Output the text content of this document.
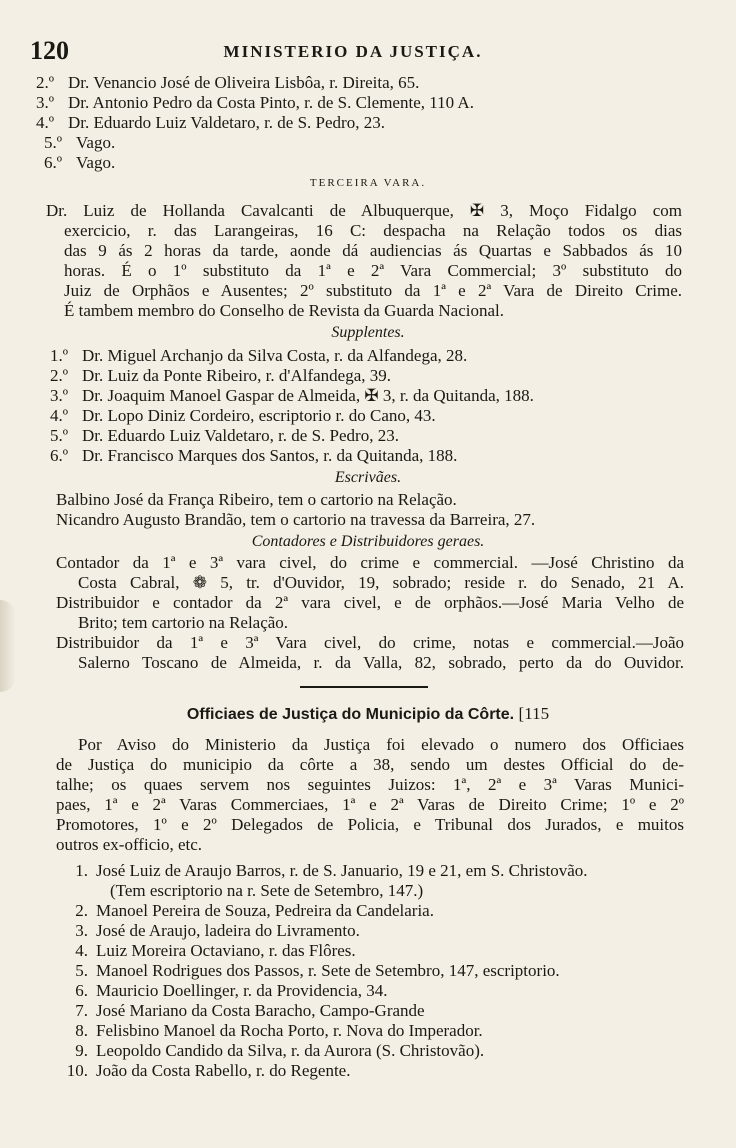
120	MINISTERIO DA JUSTIÇA.
2.º Dr. Venancio José de Oliveira Lisbôa, r. Direita, 65.
3.º Dr. Antonio Pedro da Costa Pinto, r. de S. Clemente, 110 A.
4.º Dr. Eduardo Luiz Valdetaro, r. de S. Pedro, 23.
5.º Vago.
6.º Vago.
TERCEIRA VARA.
Dr. Luiz de Hollanda Cavalcanti de Albuquerque, ✠ 3, Moço Fidalgo com
exercicio, r. das Larangeiras, 16 C: despacha na Relação todos os dias
das 9 ás 2 horas da tarde, aonde dá audiencias ás Quartas e Sabbados ás 10
horas. É o 1º substituto da 1ª e 2ª Vara Commercial; 3º substituto do
Juiz de Orphãos e Ausentes; 2º substituto da 1ª e 2ª Vara de Direito Crime.
É tambem membro do Conselho de Revista da Guarda Nacional.
Supplentes.
1.º Dr. Miguel Archanjo da Silva Costa, r. da Alfandega, 28.
2.º Dr. Luiz da Ponte Ribeiro, r. d'Alfandega, 39.
3.º Dr. Joaquim Manoel Gaspar de Almeida, ✠ 3, r. da Quitanda, 188.
4.º Dr. Lopo Diniz Cordeiro, escriptorio r. do Cano, 43.
5.º Dr. Eduardo Luiz Valdetaro, r. de S. Pedro, 23.
6.º Dr. Francisco Marques dos Santos, r. da Quitanda, 188.
Escrivães.
Balbino José da França Ribeiro, tem o cartorio na Relação.
Nicandro Augusto Brandão, tem o cartorio na travessa da Barreira, 27.
Contadores e Distribuidores geraes.
Contador da 1ª e 3ª vara civel, do crime e commercial. —José Christino da
Costa Cabral, ❁ 5, tr. d'Ouvidor, 19, sobrado; reside r. do Senado, 21 A.
Distribuidor e contador da 2ª vara civel, e de orphãos.—José Maria Velho de
Brito; tem cartorio na Relação.
Distribuidor da 1ª e 3ª Vara civel, do crime, notas e commercial.—João
Salerno Toscano de Almeida, r. da Valla, 82, sobrado, perto da do Ouvidor.
Officiaes de Justiça do Municipio da Côrte. [115
Por Aviso do Ministerio da Justiça foi elevado o numero dos Officiaes
de Justiça do municipio da côrte a 38, sendo um destes Official do de-
talhe; os quaes servem nos seguintes Juizos: 1ª, 2ª e 3ª Varas Munici-
paes, 1ª e 2ª Varas Commerciaes, 1ª e 2ª Varas de Direito Crime; 1º e 2º
Promotores, 1º e 2º Delegados de Policia, e Tribunal dos Jurados, e muitos
outros ex-officio, etc.
1. José Luiz de Araujo Barros, r. de S. Januario, 19 e 21, em S. Christovão.
(Tem escriptorio na r. Sete de Setembro, 147.)
2. Manoel Pereira de Souza, Pedreira da Candelaria.
3. José de Araujo, ladeira do Livramento.
4. Luiz Moreira Octaviano, r. das Flôres.
5. Manoel Rodrigues dos Passos, r. Sete de Setembro, 147, escriptorio.
6. Mauricio Doellinger, r. da Providencia, 34.
7. José Mariano da Costa Baracho, Campo-Grande
8. Felisbino Manoel da Rocha Porto, r. Nova do Imperador.
9. Leopoldo Candido da Silva, r. da Aurora (S. Christovão).
10. João da Costa Rabello, r. do Regente.
